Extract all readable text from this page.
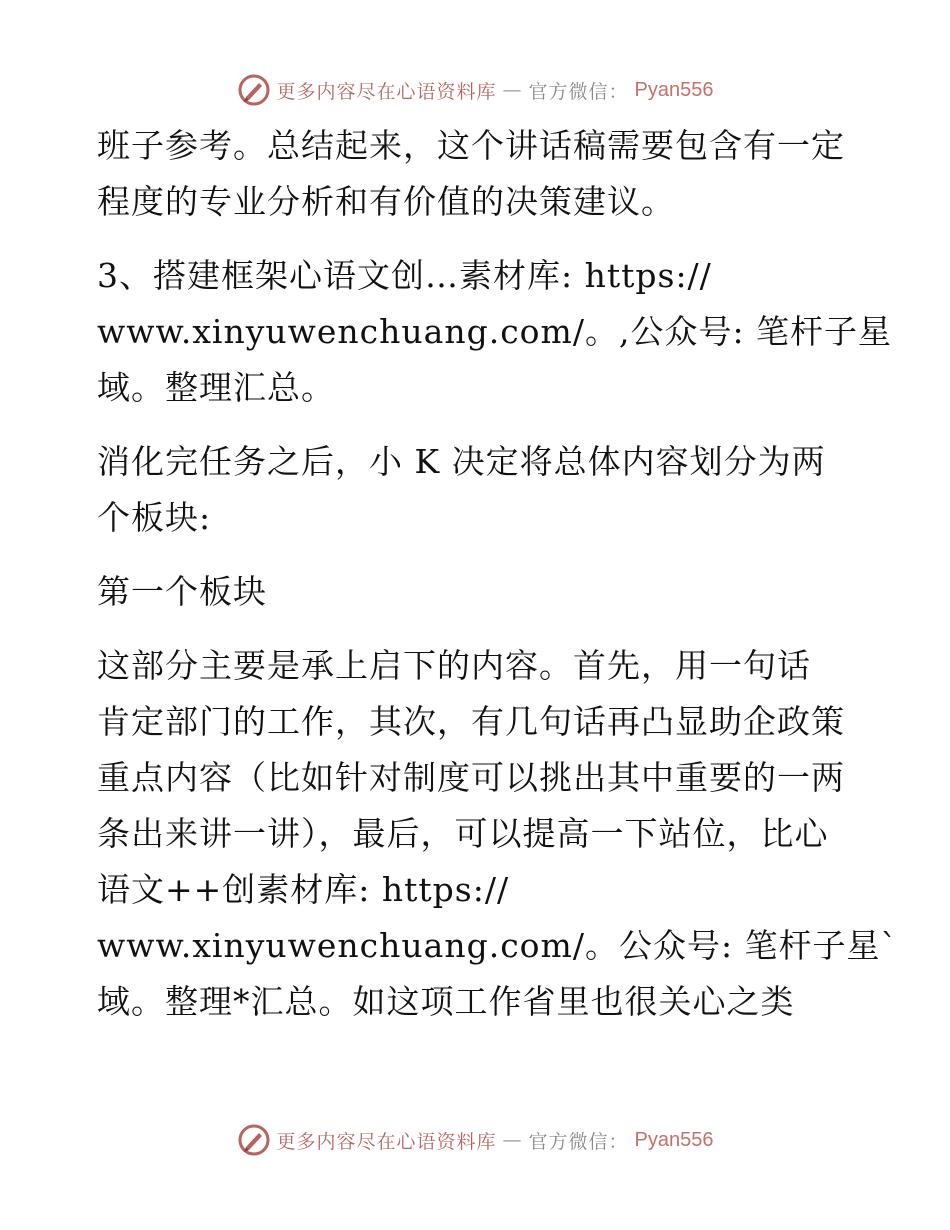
更多内容尽在心语资料库 — 官方微信： Pyan556
班子参考。总结起来，这个讲话稿需要包含有一定
程度的专业分析和有价值的决策建议。
3、搭建框架心语文创…素材库: https://
www.xinyuwenchuang.com/。,公众号: 笔杆子星
域。整理汇总。
消化完任务之后，小 K 决定将总体内容划分为两
个板块:
第一个板块
这部分主要是承上启下的内容。首先，用一句话
肯定部门的工作，其次，有几句话再凸显助企政策
重点内容（比如针对制度可以挑出其中重要的一两
条出来讲一讲），最后，可以提高一下站位，比心
语文++创素材库: https://
www.xinyuwenchuang.com/。公众号: 笔杆子星`
域。整理*汇总。如这项工作省里也很关心之类
更多内容尽在心语资料库 — 官方微信： Pyan556
